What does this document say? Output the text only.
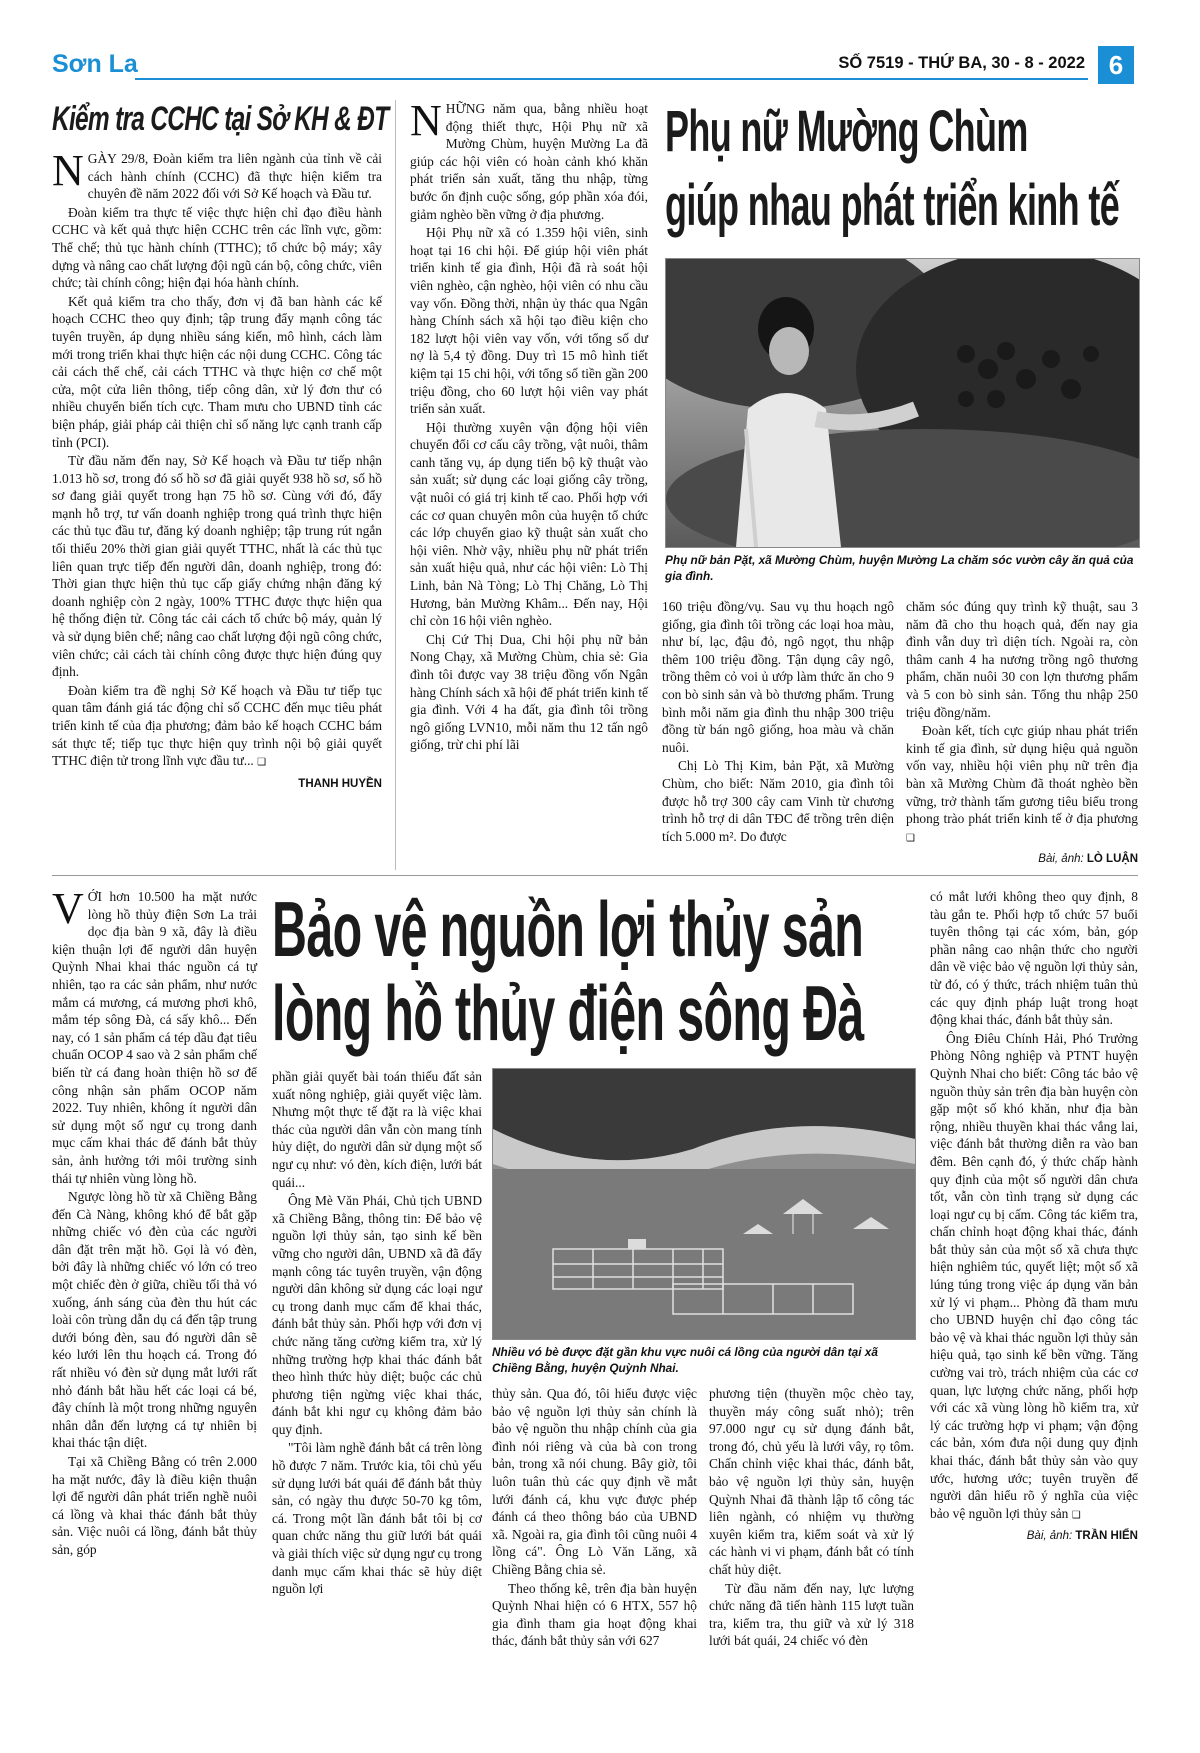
Sơn La	SỐ 7519 - THỨ BA, 30 - 8 - 2022 6
Kiểm tra CCHC tại Sở KH & ĐT

NGÀY 29/8, Đoàn kiểm tra liên ngành của tỉnh về cải cách hành chính (CCHC) đã thực hiện kiểm tra chuyên đề năm 2022 đối với Sở Kế hoạch và Đầu tư.

Đoàn kiểm tra thực tế việc thực hiện chỉ đạo điều hành CCHC và kết quả thực hiện CCHC trên các lĩnh vực, gồm: Thể chế; thủ tục hành chính (TTHC); tổ chức bộ máy; xây dựng và nâng cao chất lượng đội ngũ cán bộ, công chức, viên chức; tài chính công; hiện đại hóa hành chính.

Kết quả kiểm tra cho thấy, đơn vị đã ban hành các kế hoạch CCHC theo quy định; tập trung đẩy mạnh công tác tuyên truyền, áp dụng nhiều sáng kiến, mô hình, cách làm mới trong triển khai thực hiện các nội dung CCHC. Công tác cải cách thể chế, cải cách TTHC và thực hiện cơ chế một cửa, một cửa liên thông, tiếp công dân, xử lý đơn thư có nhiều chuyển biến tích cực. Tham mưu cho UBND tỉnh các biện pháp, giải pháp cải thiện chỉ số năng lực cạnh tranh cấp tỉnh (PCI).

Từ đầu năm đến nay, Sở Kế hoạch và Đầu tư tiếp nhận 1.013 hồ sơ, trong đó số hồ sơ đã giải quyết 938 hồ sơ, số hồ sơ đang giải quyết trong hạn 75 hồ sơ. Cùng với đó, đẩy mạnh hỗ trợ, tư vấn doanh nghiệp trong quá trình thực hiện các thủ tục đầu tư, đăng ký doanh nghiệp; tập trung rút ngắn tối thiểu 20% thời gian giải quyết TTHC, nhất là các thủ tục liên quan trực tiếp đến người dân, doanh nghiệp, trong đó: Thời gian thực hiện thủ tục cấp giấy chứng nhận đăng ký doanh nghiệp còn 2 ngày, 100% TTHC được thực hiện qua hệ thống điện tử. Công tác cải cách tổ chức bộ máy, quản lý và sử dụng biên chế; nâng cao chất lượng đội ngũ công chức, viên chức; cải cách tài chính công được thực hiện đúng quy định.

Đoàn kiểm tra đề nghị Sở Kế hoạch và Đầu tư tiếp tục quan tâm đánh giá tác động chỉ số CCHC đến mục tiêu phát triển kinh tế của địa phương; đảm bảo kế hoạch CCHC bám sát thực tế; tiếp tục thực hiện quy trình nội bộ giải quyết TTHC điện tử trong lĩnh vực đầu tư... ❑

THANH HUYỀN

NHỮNG năm qua, bằng nhiều hoạt động thiết thực, Hội Phụ nữ xã Mường Chùm, huyện Mường La đã giúp các hội viên có hoàn cảnh khó khăn phát triển sản xuất, tăng thu nhập, từng bước ổn định cuộc sống, góp phần xóa đói, giảm nghèo bền vững ở địa phương.

Hội Phụ nữ xã có 1.359 hội viên, sinh hoạt tại 16 chi hội. Để giúp hội viên phát triển kinh tế gia đình, Hội đã rà soát hội viên nghèo, cận nghèo, hội viên có nhu cầu vay vốn. Đồng thời, nhận ủy thác qua Ngân hàng Chính sách xã hội tạo điều kiện cho 182 lượt hội viên vay vốn, với tổng số dư nợ là 5,4 tỷ đồng. Duy trì 15 mô hình tiết kiệm tại 15 chi hội, với tổng số tiền gần 200 triệu đồng, cho 60 lượt hội viên vay phát triển sản xuất.

Hội thường xuyên vận động hội viên chuyển đổi cơ cấu cây trồng, vật nuôi, thâm canh tăng vụ, áp dụng tiến bộ kỹ thuật vào sản xuất; sử dụng các loại giống cây trồng, vật nuôi có giá trị kinh tế cao. Phối hợp với các cơ quan chuyên môn của huyện tổ chức các lớp chuyển giao kỹ thuật sản xuất cho hội viên. Nhờ vậy, nhiều phụ nữ phát triển sản xuất hiệu quả, như các hội viên: Lò Thị Linh, bản Nà Tòng; Lò Thị Chăng, Lò Thị Hương, bản Mường Khâm... Đến nay, Hội chỉ còn 16 hội viên nghèo.

Chị Cứ Thị Dua, Chi hội phụ nữ bản Nong Chạy, xã Mường Chùm, chia sẻ: Gia đình tôi được vay 38 triệu đồng vốn Ngân hàng Chính sách xã hội để phát triển kinh tế gia đình. Với 4 ha đất, gia đình tôi trồng ngô giống LVN10, mỗi năm thu 12 tấn ngô giống, trừ chi phí lãi

Phụ nữ Mường Chùm
giúp nhau phát triển kinh tế
Phụ nữ bản Pặt, xã Mường Chùm, huyện Mường La chăm sóc vườn cây ăn quả của gia đình.

160 triệu đồng/vụ. Sau vụ thu hoạch ngô giống, gia đình tôi trồng các loại hoa màu, như bí, lạc, đậu đỏ, ngô ngọt, thu nhập thêm 100 triệu đồng. Tận dụng cây ngô, trồng thêm cỏ voi ủ ướp làm thức ăn cho 9 con bò sinh sản và bò thương phẩm. Trung bình mỗi năm gia đình thu nhập 300 triệu đồng từ bán ngô giống, hoa màu và chăn nuôi.

Chị Lò Thị Kim, bản Pặt, xã Mường Chùm, cho biết: Năm 2010, gia đình tôi được hỗ trợ 300 cây cam Vinh từ chương trình hỗ trợ di dân TĐC để trồng trên diện tích 5.000 m². Do được

chăm sóc đúng quy trình kỹ thuật, sau 3 năm đã cho thu hoạch quả, đến nay gia đình vẫn duy trì diện tích. Ngoài ra, còn thâm canh 4 ha nương trồng ngô thương phẩm, chăn nuôi 30 con lợn thương phẩm và 5 con bò sinh sản. Tổng thu nhập 250 triệu đồng/năm.

Đoàn kết, tích cực giúp nhau phát triển kinh tế gia đình, sử dụng hiệu quả nguồn vốn vay, nhiều hội viên phụ nữ trên địa bàn xã Mường Chùm đã thoát nghèo bền vững, trở thành tấm gương tiêu biểu trong phong trào phát triển kinh tế ở địa phương ❑

Bài, ảnh: LÒ LUẬN

VỚI hơn 10.500 ha mặt nước lòng hồ thủy điện Sơn La trải dọc địa bàn 9 xã, đây là điều kiện thuận lợi để người dân huyện Quỳnh Nhai khai thác nguồn cá tự nhiên, tạo ra các sản phẩm, như nước mắm cá mương, cá mương phơi khô, mắm tép sông Đà, cá sấy khô... Đến nay, có 1 sản phẩm cá tép dầu đạt tiêu chuẩn OCOP 4 sao và 2 sản phẩm chế biến từ cá đang hoàn thiện hồ sơ để công nhận sản phẩm OCOP năm 2022. Tuy nhiên, không ít người dân sử dụng một số ngư cụ trong danh mục cấm khai thác để đánh bắt thủy sản, ảnh hưởng tới môi trường sinh thái tự nhiên vùng lòng hồ.

Ngược lòng hồ từ xã Chiềng Bằng đến Cà Nàng, không khó để bắt gặp những chiếc vó đèn của các người dân đặt trên mặt hồ. Gọi là vó đèn, bởi đây là những chiếc vó lớn có treo một chiếc đèn ở giữa, chiều tối thả vó xuống, ánh sáng của đèn thu hút các loài côn trùng dẫn dụ cá đến tập trung dưới bóng đèn, sau đó người dân sẽ kéo lưới lên thu hoạch cá. Trong đó rất nhiều vó đèn sử dụng mắt lưới rất nhỏ đánh bắt hầu hết các loại cá bé, đây chính là một trong những nguyên nhân dẫn đến lượng cá tự nhiên bị khai thác tận diệt.

Tại xã Chiềng Bằng có trên 2.000 ha mặt nước, đây là điều kiện thuận lợi để người dân phát triển nghề nuôi cá lồng và khai thác đánh bắt thủy sản. Việc nuôi cá lồng, đánh bắt thủy sản, góp

Bảo vệ nguồn lợi thủy sản
lòng hồ thủy điện sông Đà

phần giải quyết bài toán thiếu đất sản xuất nông nghiệp, giải quyết việc làm. Nhưng một thực tế đặt ra là việc khai thác của người dân vẫn còn mang tính hủy diệt, do người dân sử dụng một số ngư cụ như: vó đèn, kích điện, lưới bát quái...

Ông Mè Văn Phái, Chủ tịch UBND xã Chiềng Bằng, thông tin: Để bảo vệ nguồn lợi thủy sản, tạo sinh kế bền vững cho người dân, UBND xã đã đẩy mạnh công tác tuyên truyền, vận động người dân không sử dụng các loại ngư cụ trong danh mục cấm để khai thác, đánh bắt thủy sản. Phối hợp với đơn vị chức năng tăng cường kiểm tra, xử lý những trường hợp khai thác đánh bắt theo hình thức hủy diệt; buộc các chủ phương tiện ngừng việc khai thác, đánh bắt khi ngư cụ không đảm bảo quy định.

"Tôi làm nghề đánh bắt cá trên lòng hồ được 7 năm. Trước kia, tôi chủ yếu sử dụng lưới bát quái để đánh bắt thủy sản, có ngày thu được 50-70 kg tôm, cá. Trong một lần đánh bắt tôi bị cơ quan chức năng thu giữ lưới bát quái và giải thích việc sử dụng ngư cụ trong danh mục cấm khai thác sẽ hủy diệt nguồn lợi

Nhiều vó bè được đặt gần khu vực nuôi cá lồng của người dân tại xã Chiềng Bằng, huyện Quỳnh Nhai.

thủy sản. Qua đó, tôi hiểu được việc bảo vệ nguồn lợi thủy sản chính là bảo vệ nguồn thu nhập chính của gia đình nói riêng và của bà con trong bản, trong xã nói chung. Bây giờ, tôi luôn tuân thủ các quy định về mắt lưới đánh cá, khu vực được phép đánh cá theo thông báo của UBND xã. Ngoài ra, gia đình tôi cũng nuôi 4 lồng cá". Ông Lò Văn Lăng, xã Chiềng Bằng chia sẻ.

Theo thống kê, trên địa bàn huyện Quỳnh Nhai hiện có 6 HTX, 557 hộ gia đình tham gia hoạt động khai thác, đánh bắt thủy sản với 627

phương tiện (thuyền mộc chèo tay, thuyền máy công suất nhỏ); trên 97.000 ngư cụ sử dụng đánh bắt, trong đó, chủ yếu là lưới vây, rọ tôm. Chấn chỉnh việc khai thác, đánh bắt, bảo vệ nguồn lợi thủy sản, huyện Quỳnh Nhai đã thành lập tổ công tác liên ngành, có nhiệm vụ thường xuyên kiểm tra, kiểm soát và xử lý các hành vi vi phạm, đánh bắt có tính chất hủy diệt.

Từ đầu năm đến nay, lực lượng chức năng đã tiến hành 115 lượt tuần tra, kiểm tra, thu giữ và xử lý 318 lưới bát quái, 24 chiếc vó đèn

có mắt lưới không theo quy định, 8 tàu gắn te. Phối hợp tổ chức 57 buổi tuyên thông tại các xóm, bản, góp phần nâng cao nhận thức cho người dân về việc bảo vệ nguồn lợi thủy sản, từ đó, có ý thức, trách nhiệm tuân thủ các quy định pháp luật trong hoạt động khai thác, đánh bắt thủy sản.

Ông Điêu Chính Hải, Phó Trưởng Phòng Nông nghiệp và PTNT huyện Quỳnh Nhai cho biết: Công tác bảo vệ nguồn thủy sản trên địa bàn huyện còn gặp một số khó khăn, như địa bàn rộng, nhiều thuyền khai thác vắng lai, việc đánh bắt thường diễn ra vào ban đêm. Bên cạnh đó, ý thức chấp hành quy định của một số người dân chưa tốt, vẫn còn tình trạng sử dụng các loại ngư cụ bị cấm. Công tác kiểm tra, chấn chỉnh hoạt động khai thác, đánh bắt thủy sản của một số xã chưa thực hiện nghiêm túc, quyết liệt; một số xã lúng túng trong việc áp dụng văn bản xử lý vi phạm... Phòng đã tham mưu cho UBND huyện chỉ đạo công tác bảo vệ và khai thác nguồn lợi thủy sản hiệu quả, tạo sinh kế bền vững. Tăng cường vai trò, trách nhiệm của các cơ quan, lực lượng chức năng, phối hợp với các xã vùng lòng hồ kiểm tra, xử lý các trường hợp vi phạm; vận động các bản, xóm đưa nội dung quy định khai thác, đánh bắt thủy sản vào quy ước, hương ước; tuyên truyền để người dân hiểu rõ ý nghĩa của việc bảo vệ nguồn lợi thủy sản ❑

Bài, ảnh: TRẦN HIỂN
